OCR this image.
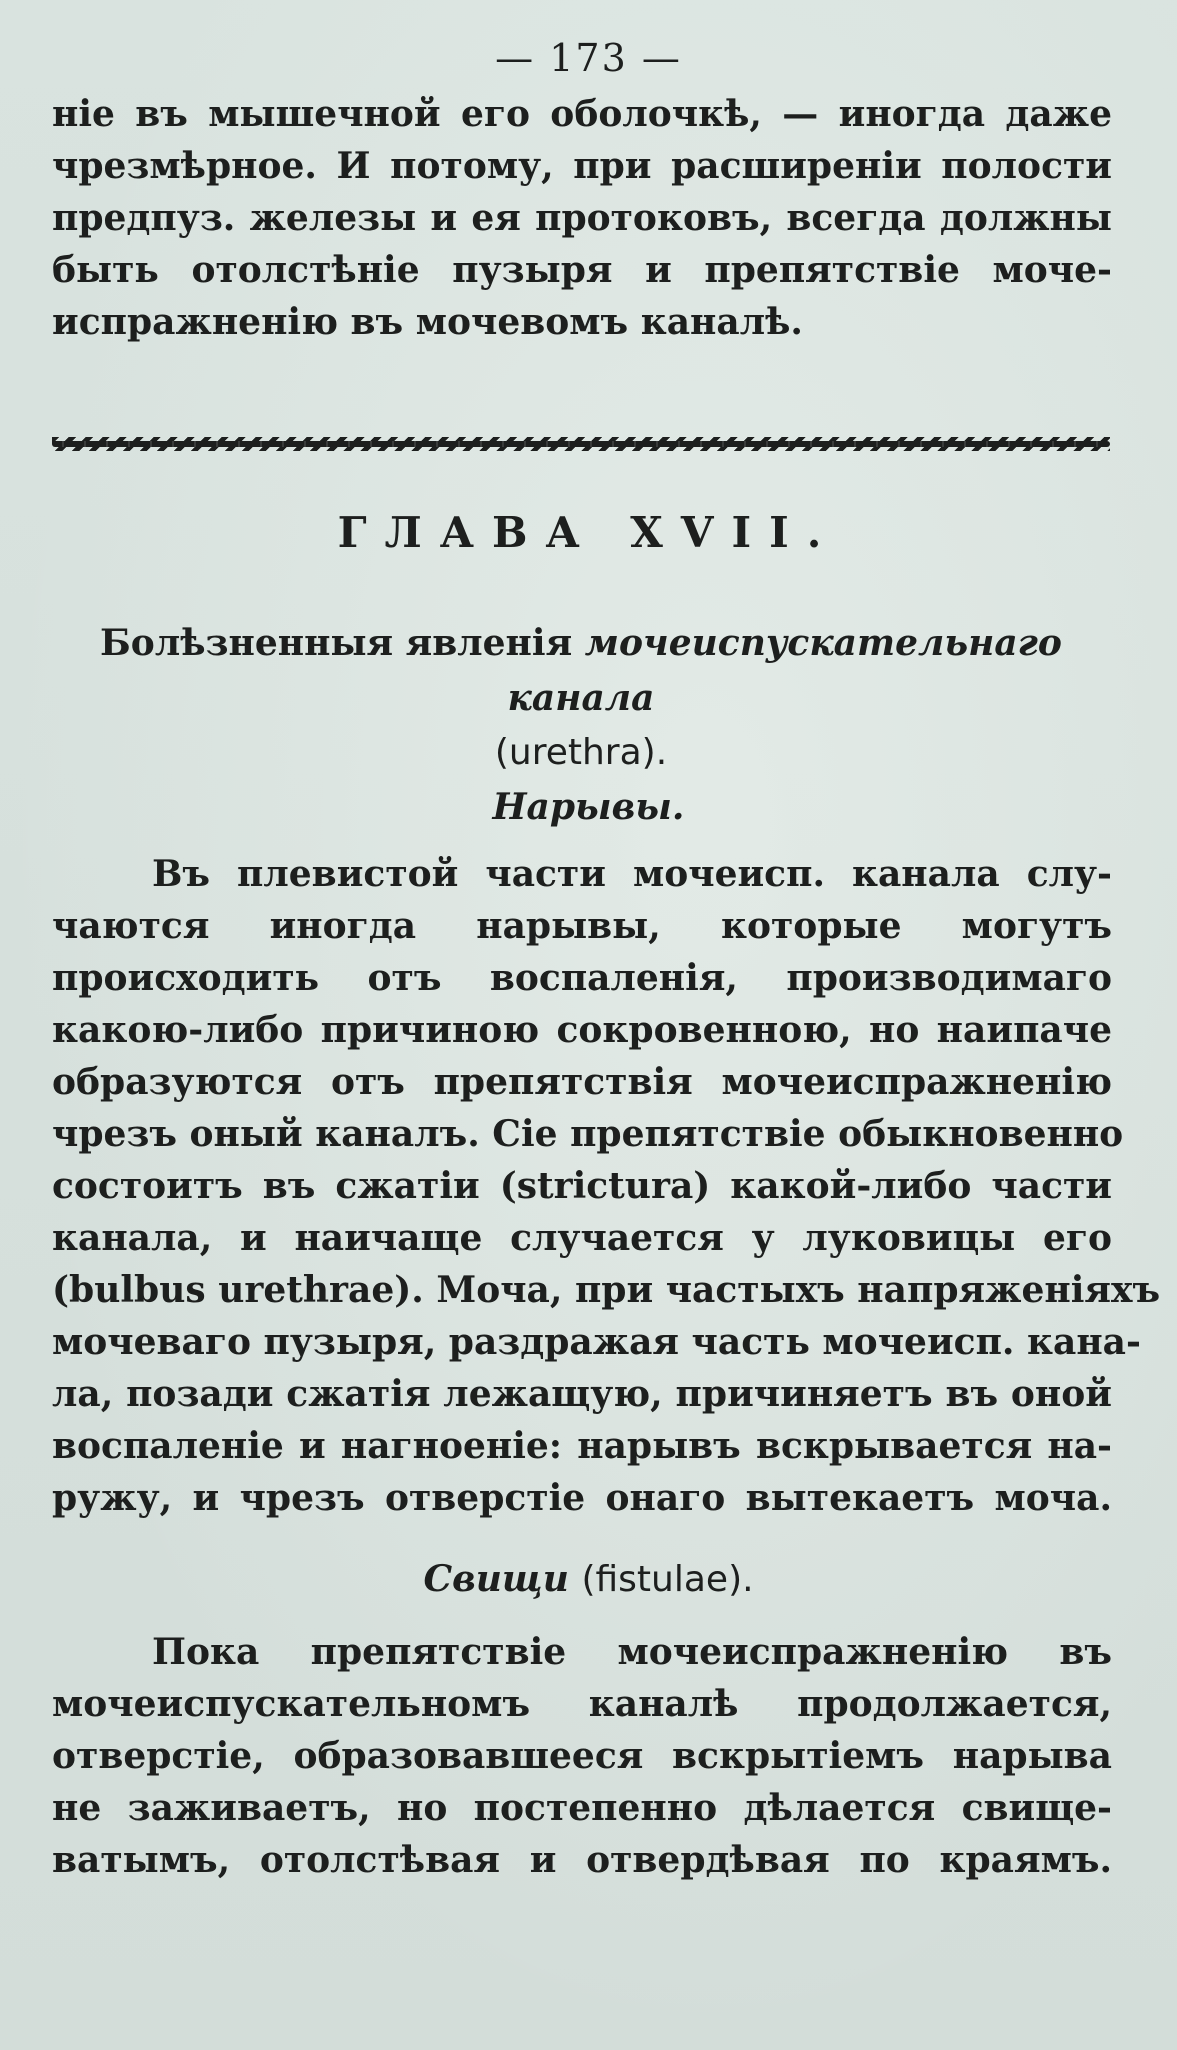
— 173 —
ніе въ мышечной его оболочкѣ, — иногда даже
чрезмѣрное. И потому, при расширеніи полости
предпуз. железы и ея протоковъ, всегда должны
быть отолстѣніе пузыря и препятствіе моче-
испражненію въ мочевомъ каналѣ.
ГЛАВА XVII.
Болѣзненныя явленія мочеиспускательнаго канала
(urethra).
Нарывы.
Въ плевистой части мочеисп. канала слу-
чаются иногда нарывы, которые могутъ
происходить отъ воспаленія, производимаго
какою-либо причиною сокровенною, но наипаче
образуются отъ препятствія мочеиспражненію
чрезъ оный каналъ. Сіе препятствіе обыкновенно
состоитъ въ сжатіи (strictura) какой-либо части
канала, и наичаще случается у луковицы его
(bulbus urethrae). Моча, при частыхъ напряженіяхъ
мочеваго пузыря, раздражая часть мочеисп. кана-
ла, позади сжатія лежащую, причиняетъ въ оной
воспаленіе и нагноеніе: нарывъ вскрывается на-
ружу, и чрезъ отверстіе онаго вытекаетъ моча.
Свищи (fistulae).
Пока препятствіе мочеиспражненію въ
мочеиспускательномъ каналѣ продолжается,
отверстіе, образовавшееся вскрытіемъ нарыва
не заживаетъ, но постепенно дѣлается свище-
ватымъ, отолстѣвая и отвердѣвая по краямъ.
